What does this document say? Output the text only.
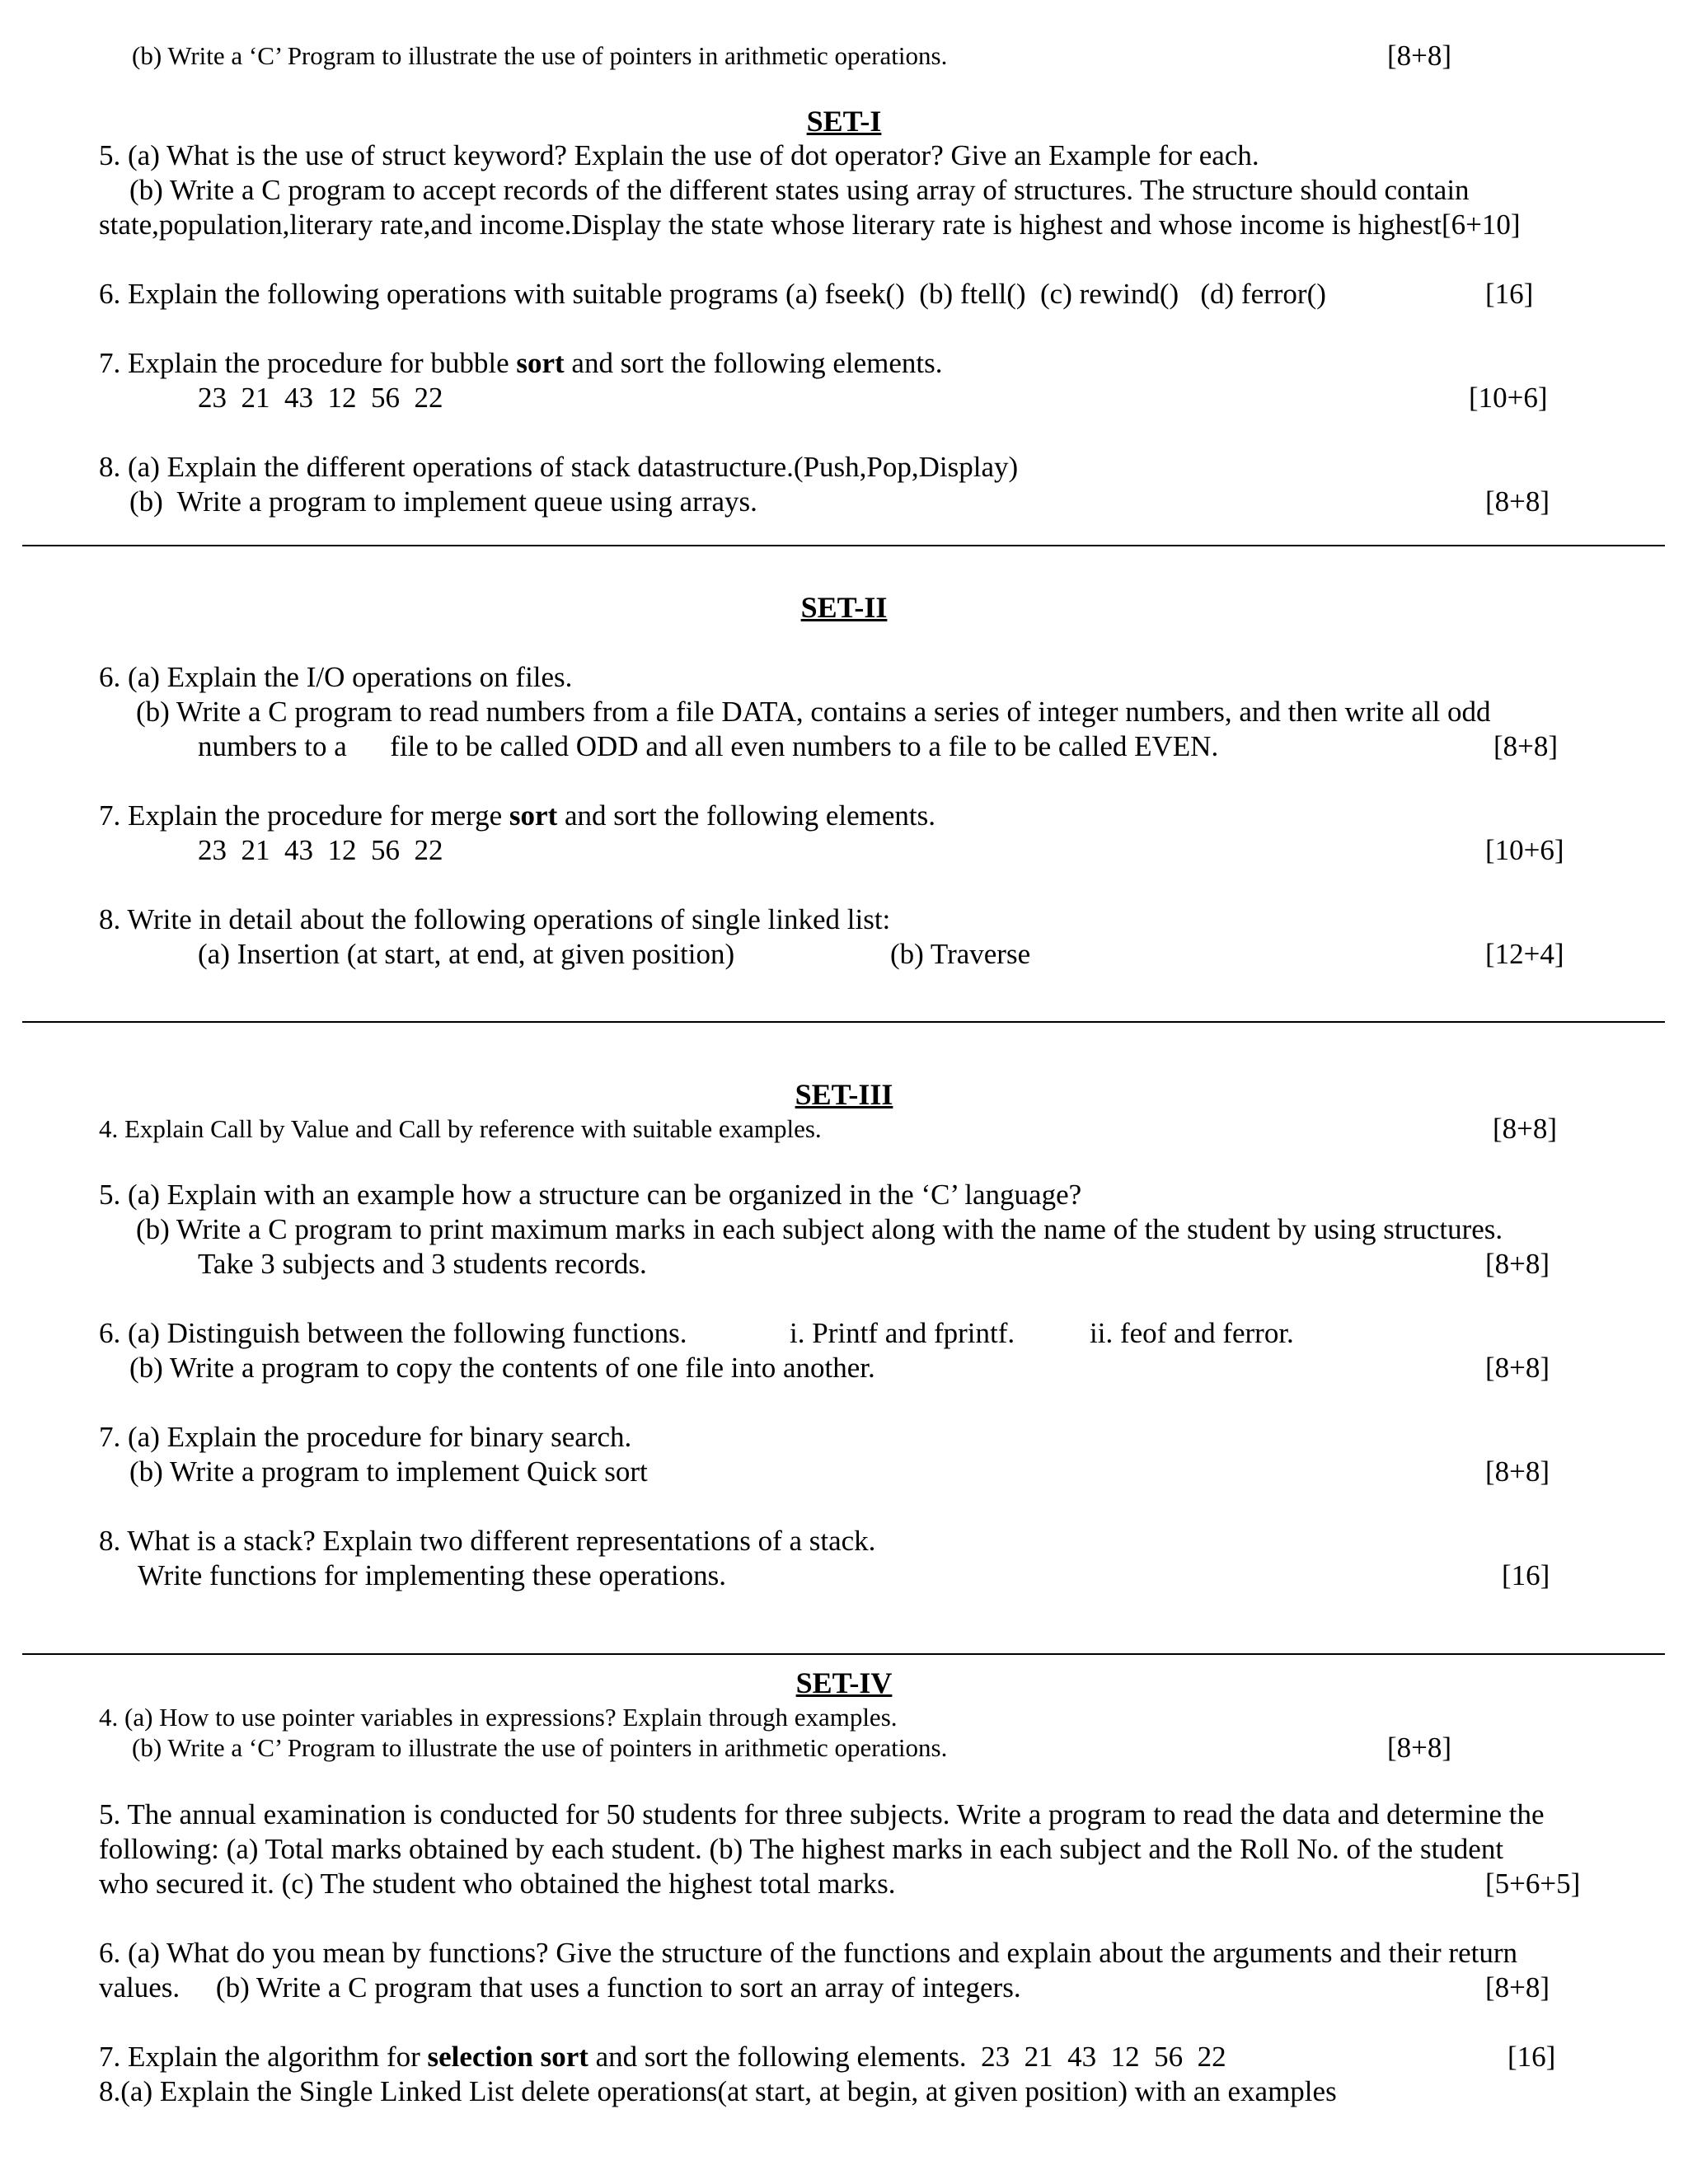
(b) Write a ‘C’ Program to illustrate the use of pointers in arithmetic operations.	[8+8]
SET-I
5. (a) What is the use of struct keyword? Explain the use of dot operator? Give an Example for each.
(b) Write a C program to accept records of the different states using array of structures. The structure should contain
state,population,literary rate,and income.Display the state whose literary rate is highest and whose income is highest[6+10]
6. Explain the following operations with suitable programs (a) fseek()  (b) ftell()  (c) rewind()   (d) ferror()	[16]
7. Explain the procedure for bubble sort and sort the following elements.
23  21  43  12  56  22	[10+6]
8. (a) Explain the different operations of stack datastructure.(Push,Pop,Display)
(b)  Write a program to implement queue using arrays.	[8+8]
SET-II
6. (a) Explain the I/O operations on files.
(b) Write a C program to read numbers from a file DATA, contains a series of integer numbers, and then write all odd
numbers to a      file to be called ODD and all even numbers to a file to be called EVEN.	[8+8]
7. Explain the procedure for merge sort and sort the following elements.
23  21  43  12  56  22	[10+6]
8. Write in detail about the following operations of single linked list:
(a) Insertion (at start, at end, at given position)	(b) Traverse	[12+4]
SET-III
4. Explain Call by Value and Call by reference with suitable examples.	[8+8]
5. (a) Explain with an example how a structure can be organized in the ‘C’ language?
(b) Write a C program to print maximum marks in each subject along with the name of the student by using structures.
Take 3 subjects and 3 students records.	[8+8]
6. (a) Distinguish between the following functions.	i. Printf and fprintf.	ii. feof and ferror.
(b) Write a program to copy the contents of one file into another.	[8+8]
7. (a) Explain the procedure for binary search.
(b) Write a program to implement Quick sort	[8+8]
8. What is a stack? Explain two different representations of a stack.
Write functions for implementing these operations.	[16]
SET-IV
4. (a) How to use pointer variables in expressions? Explain through examples.
(b) Write a ‘C’ Program to illustrate the use of pointers in arithmetic operations.	[8+8]
5. The annual examination is conducted for 50 students for three subjects. Write a program to read the data and determine the
following: (a) Total marks obtained by each student. (b) The highest marks in each subject and the Roll No. of the student
who secured it. (c) The student who obtained the highest total marks.	[5+6+5]
6. (a) What do you mean by functions? Give the structure of the functions and explain about the arguments and their return
values.     (b) Write a C program that uses a function to sort an array of integers.	[8+8]
7. Explain the algorithm for selection sort and sort the following elements.  23  21  43  12  56  22	[16]
8.(a) Explain the Single Linked List delete operations(at start, at begin, at given position) with an examples
